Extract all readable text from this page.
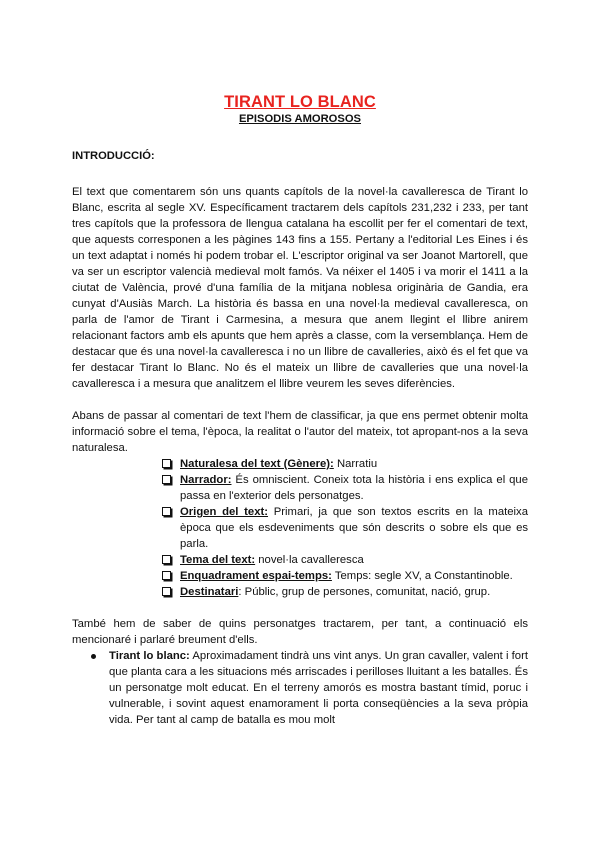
TIRANT LO BLANC
EPISODIS AMOROSOS
INTRODUCCIÓ:

El text que comentarem són uns quants capítols de la novel·la cavalleresca de Tirant lo Blanc, escrita al segle XV. Específicament tractarem dels capítols 231,232 i 233, per tant tres capítols que la professora de llengua catalana ha escollit per fer el comentari de text, que aquests corresponen a les pàgines 143 fins a 155. Pertany a l'editorial Les Eines i és un text adaptat i només hi podem trobar el. L'escriptor original va ser Joanot Martorell, que va ser un escriptor valencià medieval molt famós. Va néixer el 1405 i va morir el 1411 a la ciutat de València, prové d'una família de la mitjana noblesa originària de Gandia, era cunyat d'Ausiàs March. La història és bassa en una novel·la medieval cavalleresca, on parla de l'amor de Tirant i Carmesina, a mesura que anem llegint el llibre anirem relacionant factors amb els apunts que hem après a classe, com la versemblança. Hem de destacar que és una novel·la cavalleresca i no un llibre de cavalleries, això és el fet que va fer destacar Tirant lo Blanc. No és el mateix un llibre de cavalleries que una novel·la cavalleresca i a mesura que analitzem el llibre veurem les seves diferències.

Abans de passar al comentari de text l'hem de classificar, ja que ens permet obtenir molta informació sobre el tema, l'època, la realitat o l'autor del mateix, tot apropant-nos a la seva naturalesa.

Naturalesa del text (Gènere): Narratiu
Narrador: És omniscient. Coneix tota la història i ens explica el que passa en l'exterior dels personatges.
Origen del text: Primari, ja que son textos escrits en la mateixa època que els esdeveniments que són descrits o sobre els que es parla.
Tema del text: novel·la cavalleresca
Enquadrament espai-temps: Temps: segle XV, a Constantinoble.
Destinatari: Públic, grup de persones, comunitat, nació, grup.

També hem de saber de quins personatges tractarem, per tant, a continuació els mencionaré i parlaré breument d'ells.

Tirant lo blanc: Aproximadament tindrà uns vint anys. Un gran cavaller, valent i fort que planta cara a les situacions més arriscades i perilloses lluitant a les batalles. És un personatge molt educat. En el terreny amorós es mostra bastant tímid, poruc i vulnerable, i sovint aquest enamorament li porta conseqüències a la seva pròpia vida. Per tant al camp de batalla es mou molt
